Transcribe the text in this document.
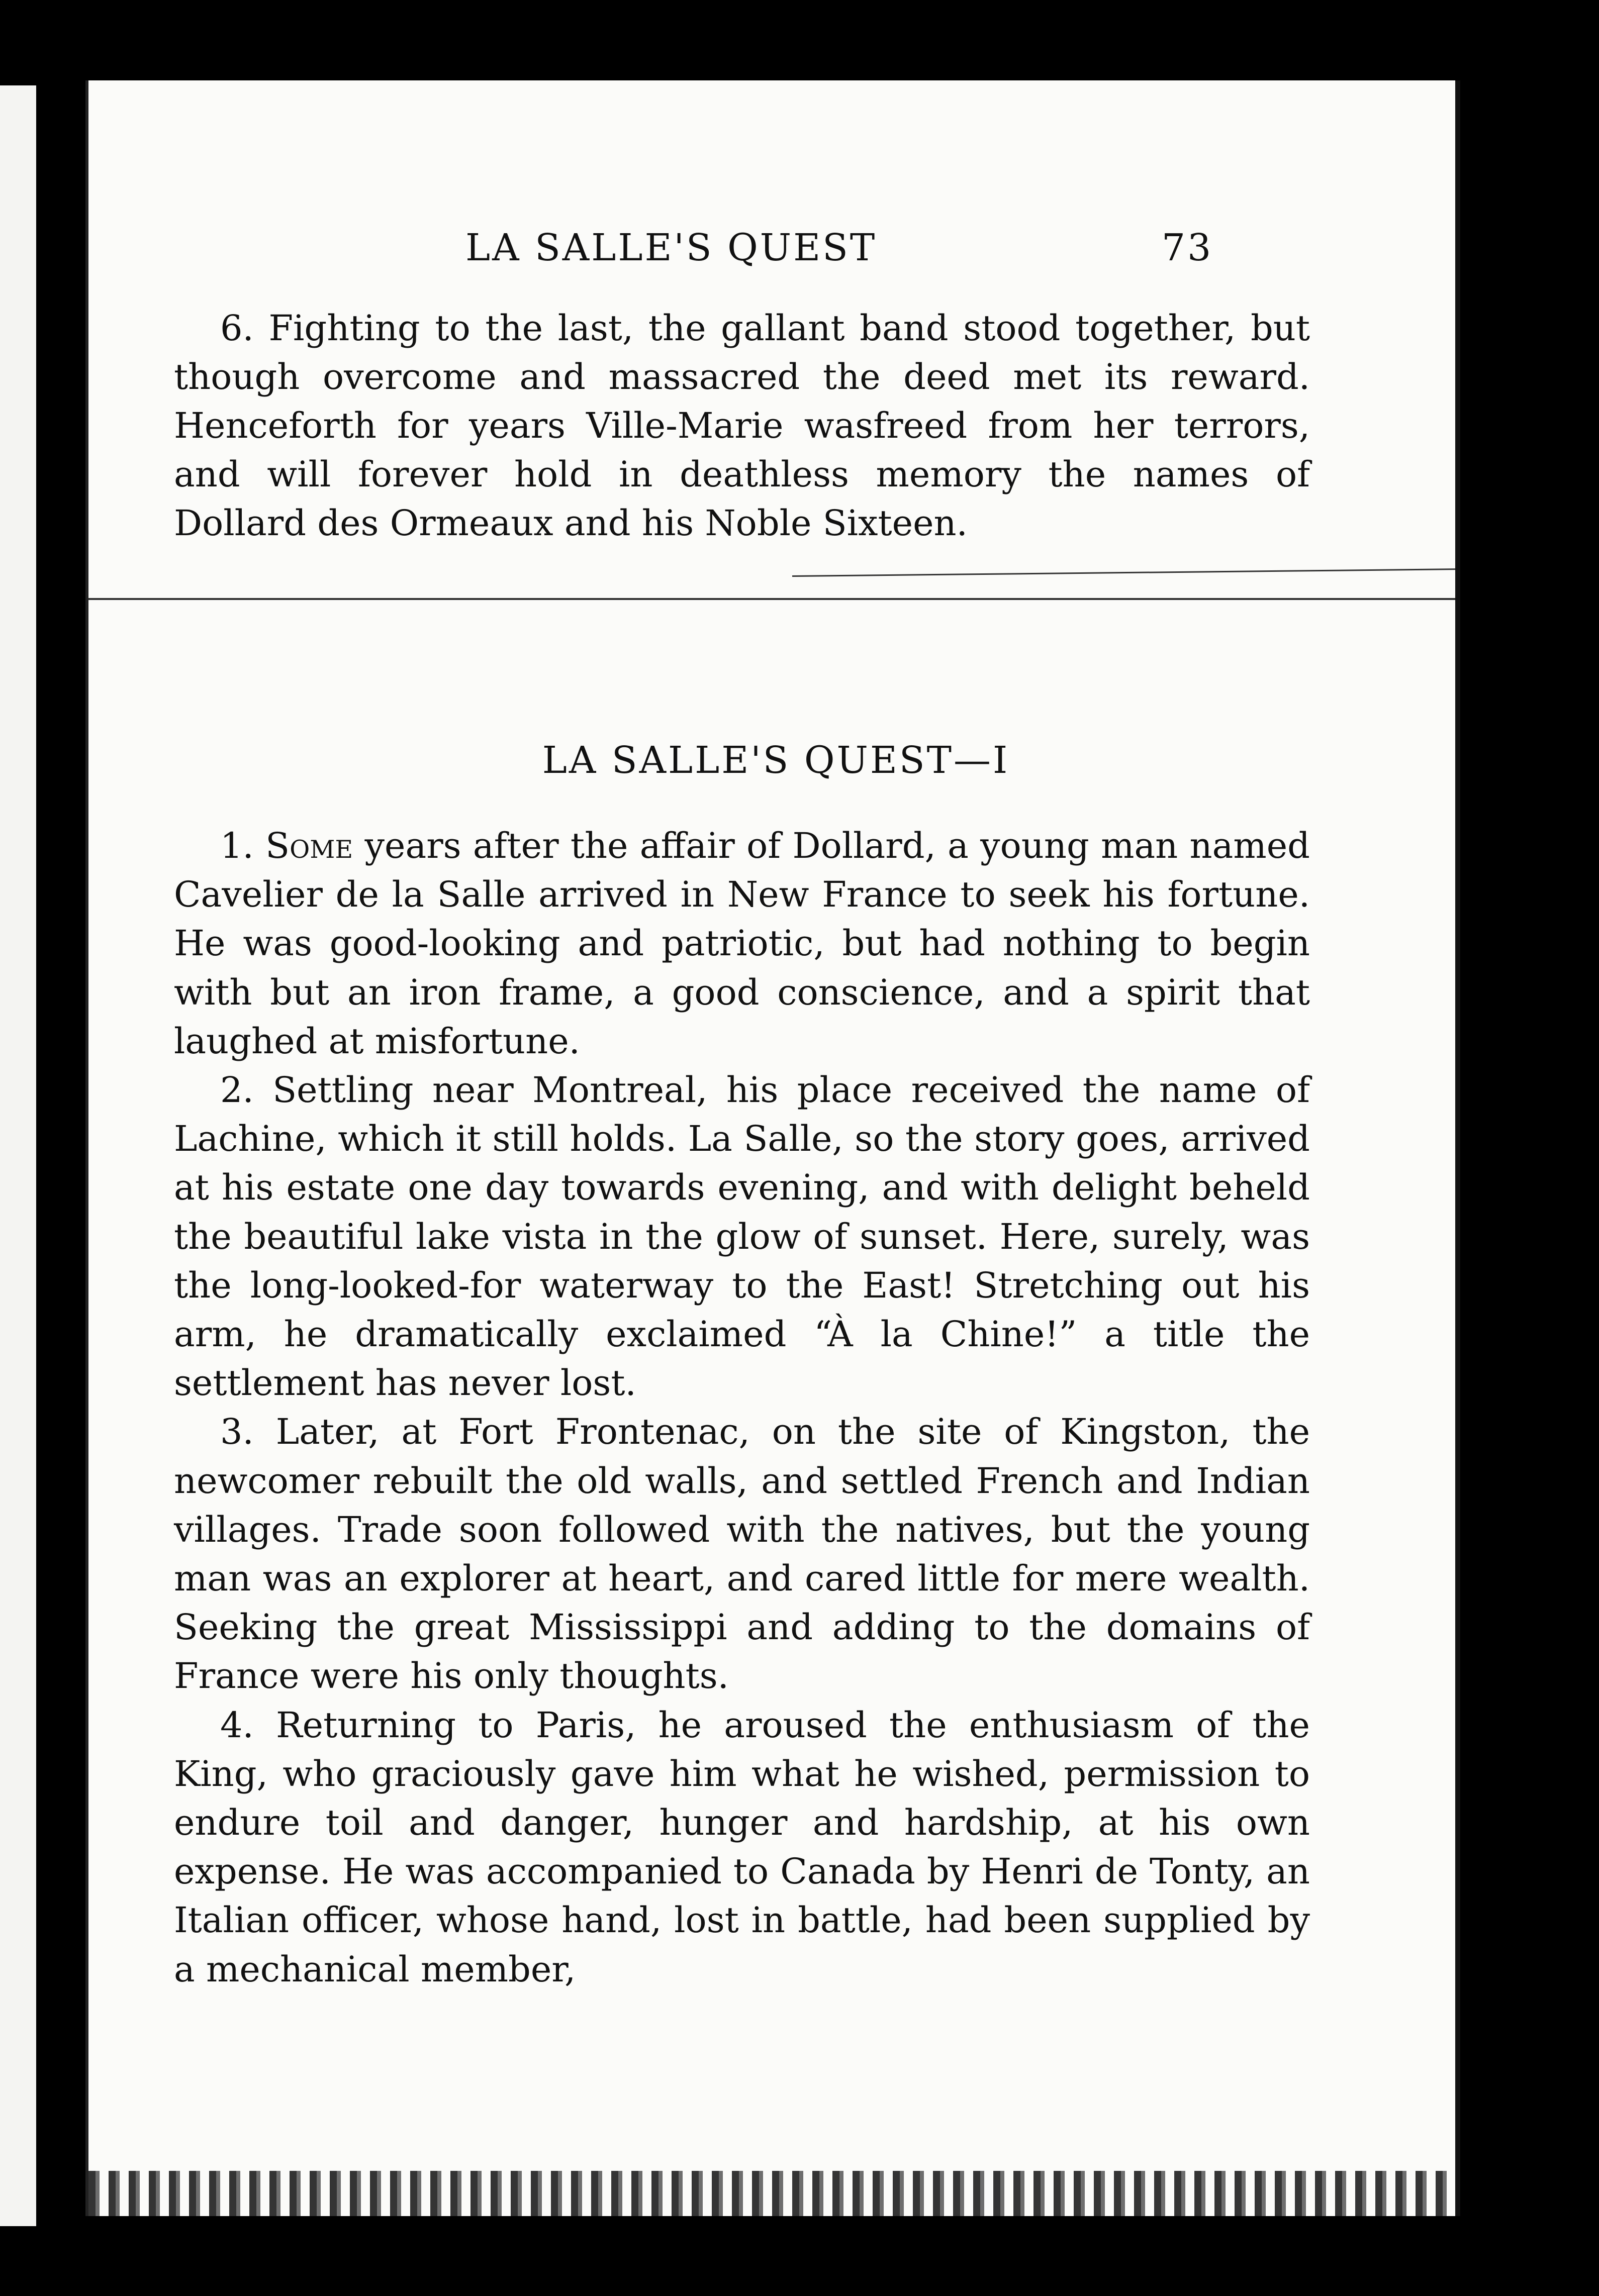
LA SALLE'S QUEST	73

6. Fighting to the last, the gallant band stood together, but though overcome and massacred the deed met its reward. Henceforth for years Ville-Marie wasfreed from her terrors, and will forever hold in deathless memory the names of Dollard des Ormeaux and his Noble Sixteen.

LA SALLE'S QUEST—I

1. Some years after the affair of Dollard, a young man named Cavelier de la Salle arrived in New France to seek his fortune. He was good-looking and patriotic, but had nothing to begin with but an iron frame, a good conscience, and a spirit that laughed at misfortune.

2. Settling near Montreal, his place received the name of Lachine, which it still holds. La Salle, so the story goes, arrived at his estate one day towards evening, and with delight beheld the beautiful lake vista in the glow of sunset. Here, surely, was the long-looked-for waterway to the East! Stretching out his arm, he dramatically exclaimed “À la Chine!” a title the settlement has never lost.

3. Later, at Fort Frontenac, on the site of Kingston, the newcomer rebuilt the old walls, and settled French and Indian villages. Trade soon followed with the natives, but the young man was an explorer at heart, and cared little for mere wealth. Seeking the great Mississippi and adding to the domains of France were his only thoughts.

4. Returning to Paris, he aroused the enthusiasm of the King, who graciously gave him what he wished, permission to endure toil and danger, hunger and hardship, at his own expense. He was accompanied to Canada by Henri de Tonty, an Italian officer, whose hand, lost in battle, had been supplied by a mechanical member,
